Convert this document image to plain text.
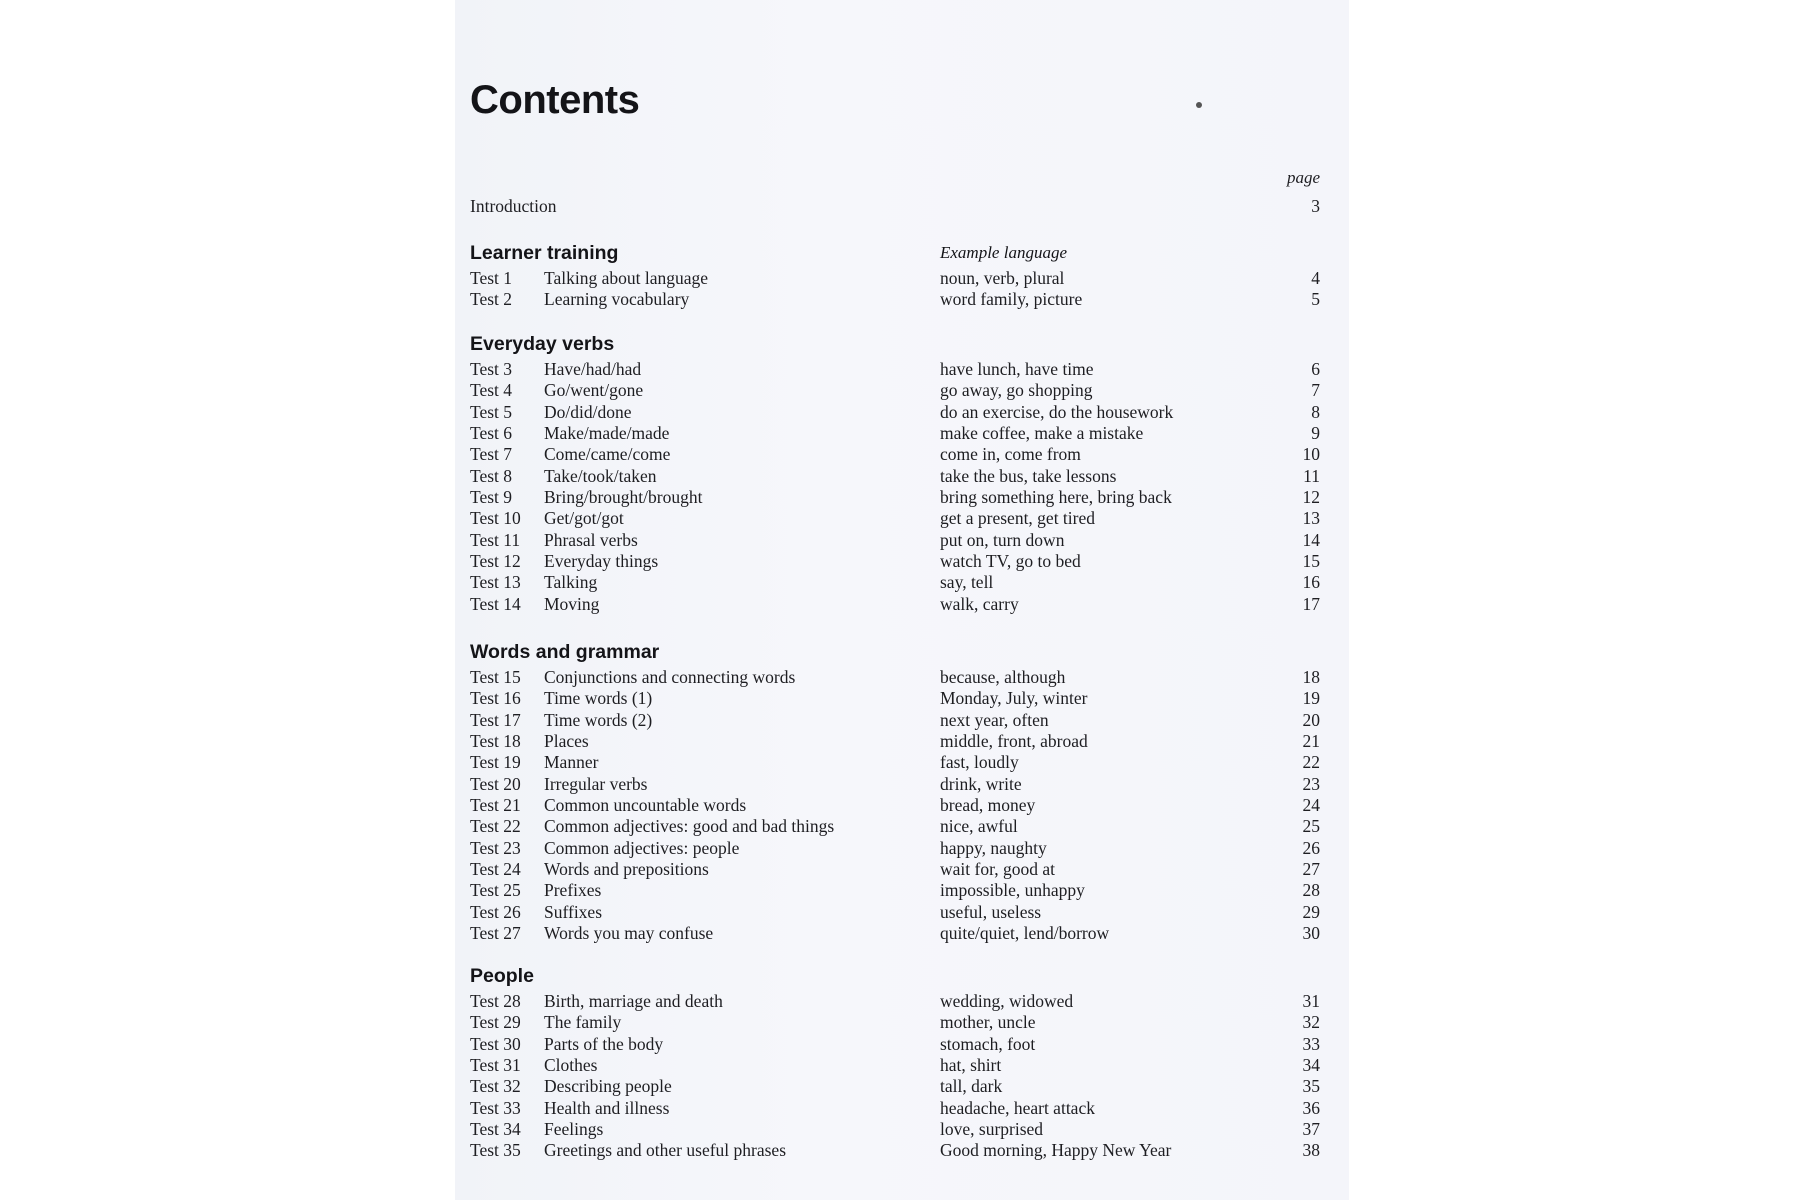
Contents
page
Introduction	3
Learner training	Example language
Test 1 Talking about language	noun, verb, plural	4
Test 2 Learning vocabulary	word family, picture	5
Everyday verbs
Test 3 Have/had/had	have lunch, have time	6
Test 4 Go/went/gone	go away, go shopping	7
Test 5 Do/did/done	do an exercise, do the housework	8
Test 6 Make/made/made	make coffee, make a mistake	9
Test 7 Come/came/come	come in, come from	10
Test 8 Take/took/taken	take the bus, take lessons	11
Test 9 Bring/brought/brought	bring something here, bring back	12
Test 10 Get/got/got	get a present, get tired	13
Test 11 Phrasal verbs	put on, turn down	14
Test 12 Everyday things	watch TV, go to bed	15
Test 13 Talking	say, tell	16
Test 14 Moving	walk, carry	17
Words and grammar
Test 15 Conjunctions and connecting words	because, although	18
Test 16 Time words (1)	Monday, July, winter	19
Test 17 Time words (2)	next year, often	20
Test 18 Places	middle, front, abroad	21
Test 19 Manner	fast, loudly	22
Test 20 Irregular verbs	drink, write	23
Test 21 Common uncountable words	bread, money	24
Test 22 Common adjectives: good and bad things	nice, awful	25
Test 23 Common adjectives: people	happy, naughty	26
Test 24 Words and prepositions	wait for, good at	27
Test 25 Prefixes	impossible, unhappy	28
Test 26 Suffixes	useful, useless	29
Test 27 Words you may confuse	quite/quiet, lend/borrow	30
People
Test 28 Birth, marriage and death	wedding, widowed	31
Test 29 The family	mother, uncle	32
Test 30 Parts of the body	stomach, foot	33
Test 31 Clothes	hat, shirt	34
Test 32 Describing people	tall, dark	35
Test 33 Health and illness	headache, heart attack	36
Test 34 Feelings	love, surprised	37
Test 35 Greetings and other useful phrases	Good morning, Happy New Year	38
